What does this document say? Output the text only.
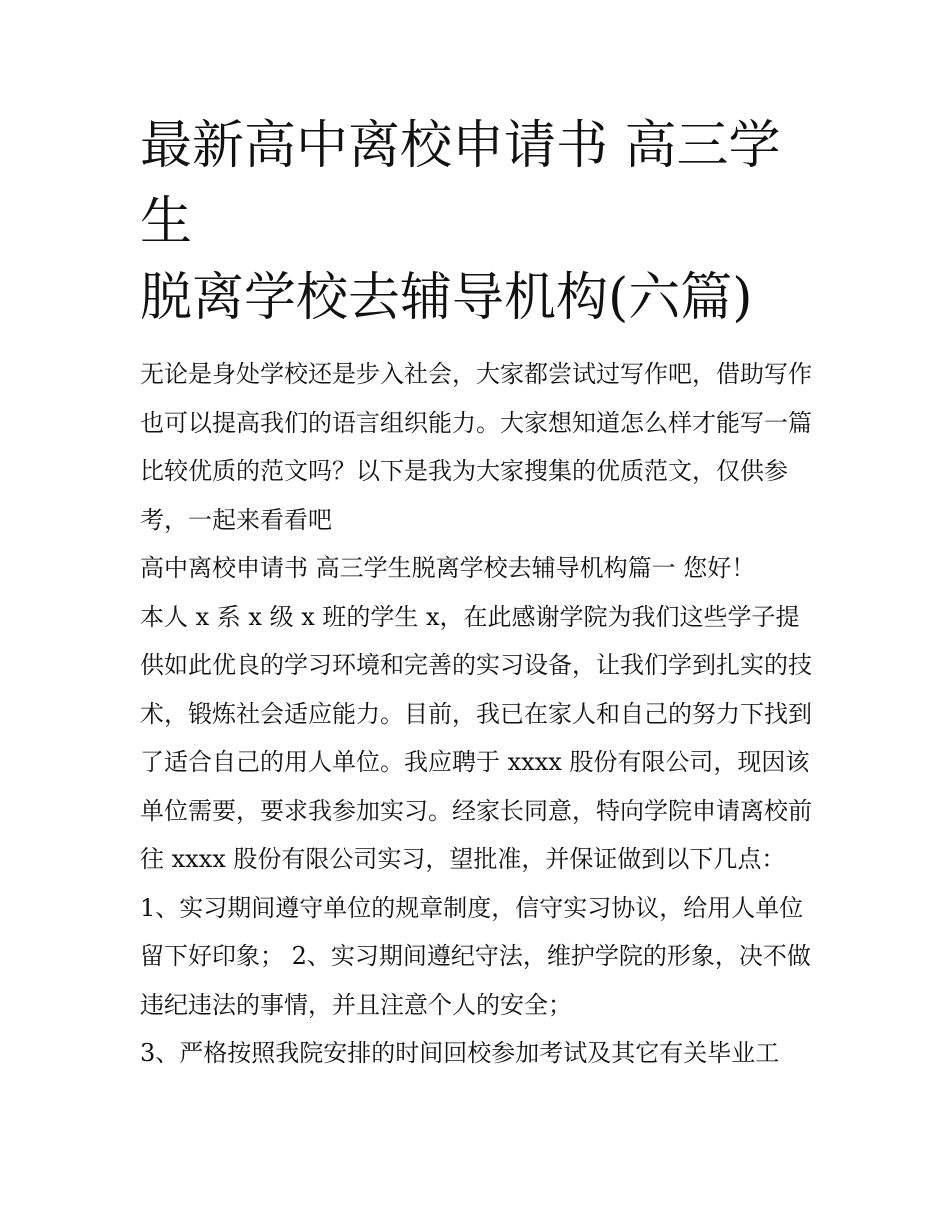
最新高中离校申请书 高三学生
脱离学校去辅导机构(六篇)

无论是身处学校还是步入社会，大家都尝试过写作吧，借助写作也可以提高我们的语言组织能力。大家想知道怎么样才能写一篇比较优质的范文吗？以下是我为大家搜集的优质范文，仅供参考，一起来看看吧

高中离校申请书 高三学生脱离学校去辅导机构篇一 您好！

本人 x 系 x 级 x 班的学生 x，在此感谢学院为我们这些学子提供如此优良的学习环境和完善的实习设备，让我们学到扎实的技术，锻炼社会适应能力。目前，我已在家人和自己的努力下找到了适合自己的用人单位。我应聘于 xxxx 股份有限公司，现因该单位需要，要求我参加实习。经家长同意，特向学院申请离校前往 xxxx 股份有限公司实习，望批准，并保证做到以下几点：

1、实习期间遵守单位的规章制度，信守实习协议，给用人单位留下好印象； 2、实习期间遵纪守法，维护学院的形象，决不做违纪违法的事情，并且注意个人的安全；

3、严格按照我院安排的时间回校参加考试及其它有关毕业工
